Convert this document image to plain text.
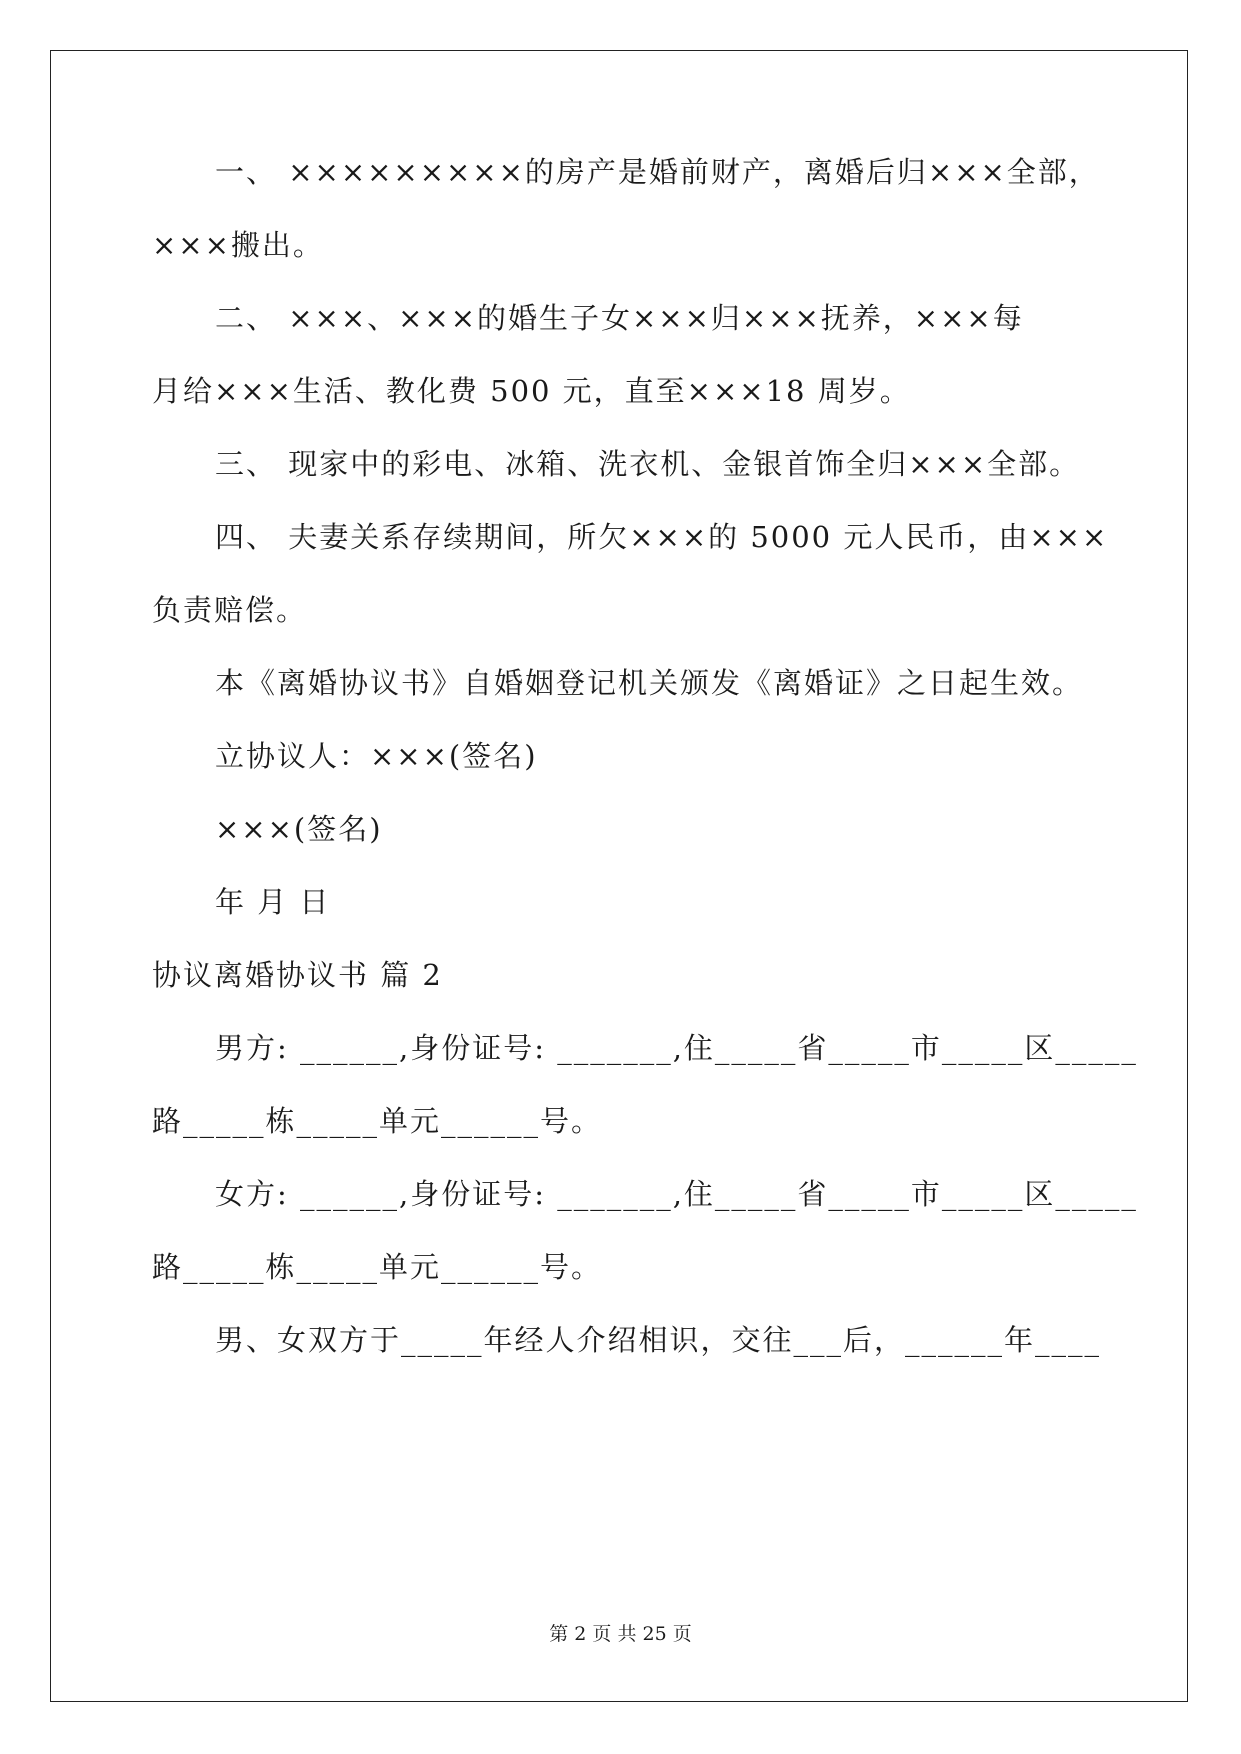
一、 ×××××××××的房产是婚前财产，离婚后归×××全部，
×××搬出。
二、 ×××、×××的婚生子女×××归×××抚养，×××每
月给×××生活、教化费 500 元，直至×××18 周岁。
三、 现家中的彩电、冰箱、洗衣机、金银首饰全归×××全部。
四、 夫妻关系存续期间，所欠×××的 5000 元人民币，由×××
负责赔偿。
本《离婚协议书》自婚姻登记机关颁发《离婚证》之日起生效。
立协议人：×××(签名)
×××(签名)
年 月 日
协议离婚协议书 篇 2
男方: ______,身份证号: _______,住_____省_____市_____区_____
路_____栋_____单元______号。
女方: ______,身份证号: _______,住_____省_____市_____区_____
路_____栋_____单元______号。
男、女双方于_____年经人介绍相识，交往___后，______年____
第 2 页 共 25 页
